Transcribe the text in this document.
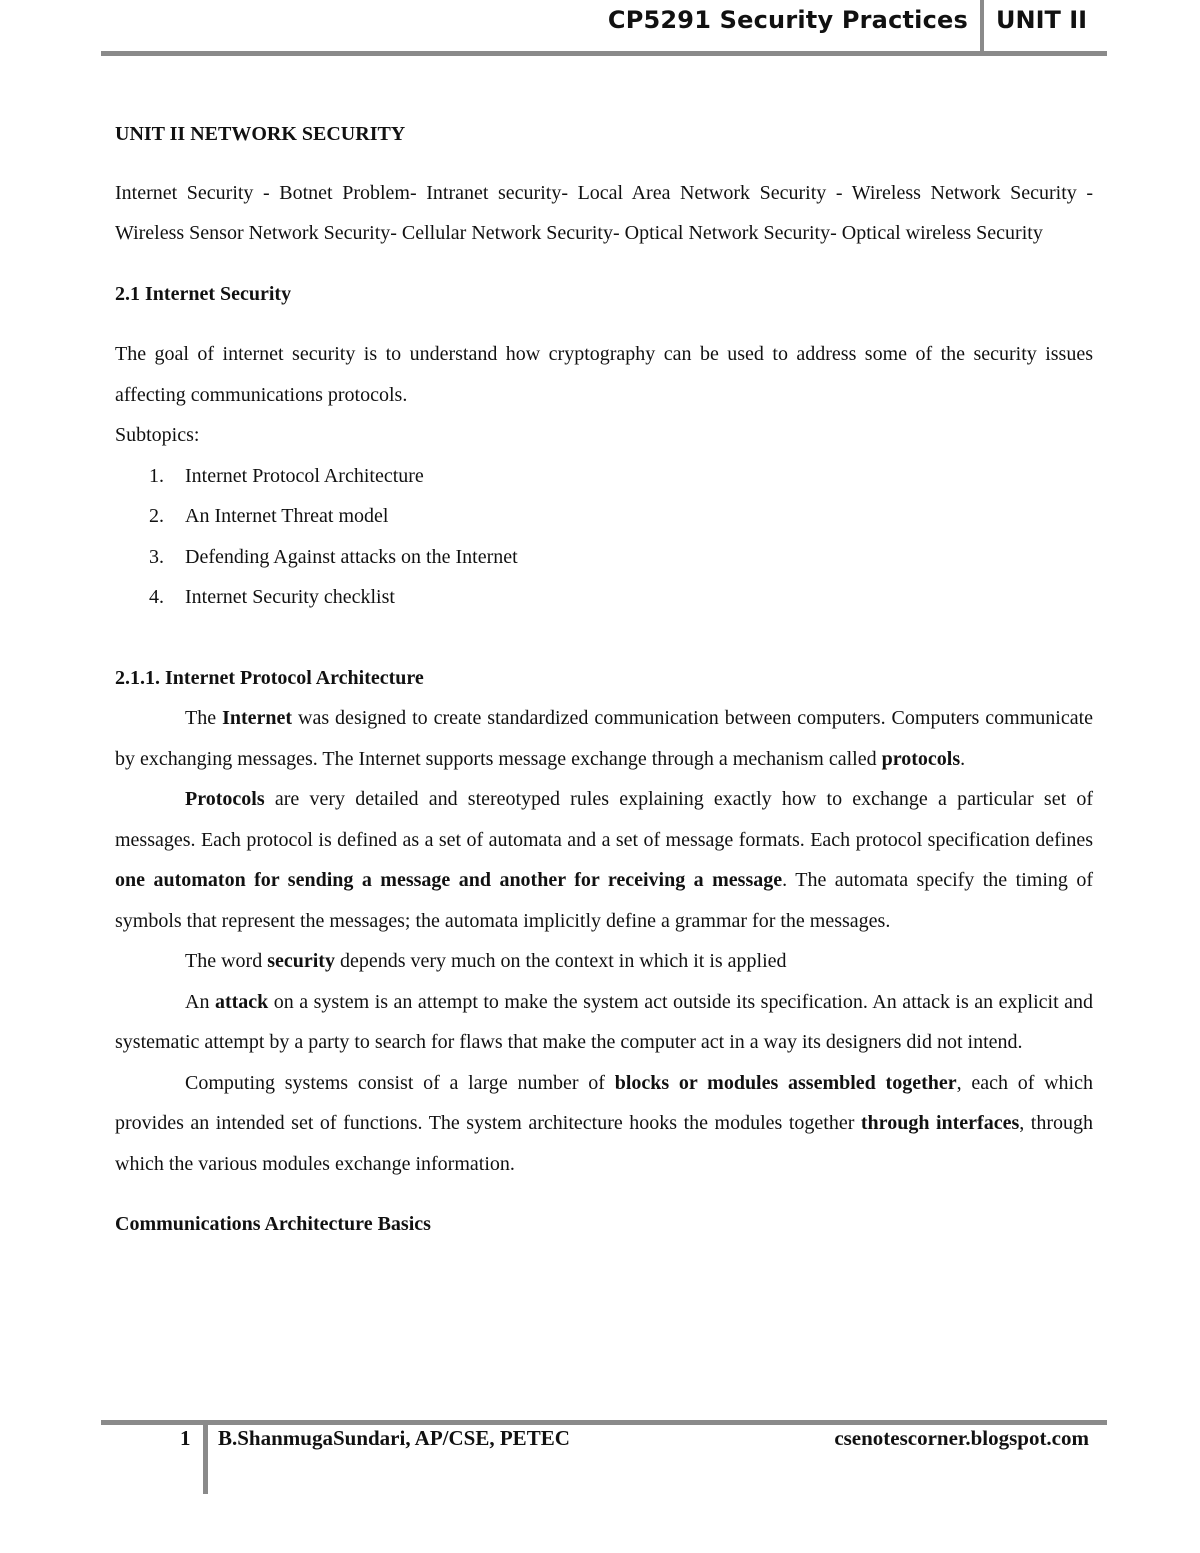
CP5291 Security Practices UNIT II

UNIT II NETWORK SECURITY

Internet Security - Botnet Problem- Intranet security- Local Area Network Security - Wireless Network Security - Wireless Sensor Network Security- Cellular Network Security- Optical Network Security- Optical wireless Security

2.1 Internet Security

The goal of internet security is to understand how cryptography can be used to address some of the security issues affecting communications protocols.

Subtopics:

1. Internet Protocol Architecture
2. An Internet Threat model
3. Defending Against attacks on the Internet
4. Internet Security checklist

2.1.1. Internet Protocol Architecture

The Internet was designed to create standardized communication between computers. Computers communicate by exchanging messages. The Internet supports message exchange through a mechanism called protocols.

Protocols are very detailed and stereotyped rules explaining exactly how to exchange a particular set of messages. Each protocol is defined as a set of automata and a set of message formats. Each protocol specification defines one automaton for sending a message and another for receiving a message. The automata specify the timing of symbols that represent the messages; the automata implicitly define a grammar for the messages.

The word security depends very much on the context in which it is applied

An attack on a system is an attempt to make the system act outside its specification. An attack is an explicit and systematic attempt by a party to search for flaws that make the computer act in a way its designers did not intend.

Computing systems consist of a large number of blocks or modules assembled together, each of which provides an intended set of functions. The system architecture hooks the modules together through interfaces, through which the various modules exchange information.

Communications Architecture Basics

1 B.ShanmugaSundari, AP/CSE, PETEC	csenotescorner.blogspot.com
